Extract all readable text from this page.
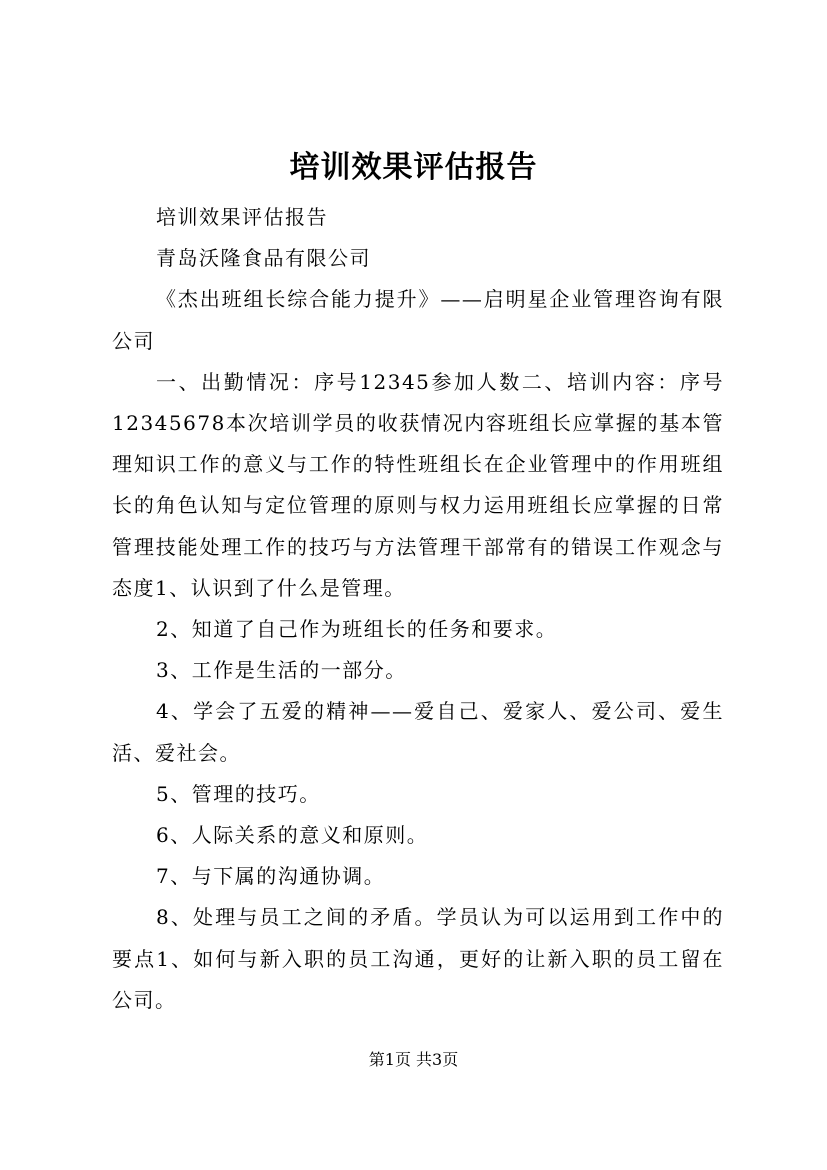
培训效果评估报告

培训效果评估报告

青岛沃隆食品有限公司

《杰出班组长综合能力提升》——启明星企业管理咨询有限公司

一、出勤情况：序号12345参加人数二、培训内容：序号12345678本次培训学员的收获情况内容班组长应掌握的基本管理知识工作的意义与工作的特性班组长在企业管理中的作用班组长的角色认知与定位管理的原则与权力运用班组长应掌握的日常管理技能处理工作的技巧与方法管理干部常有的错误工作观念与态度1、认识到了什么是管理。

2、知道了自己作为班组长的任务和要求。

3、工作是生活的一部分。

4、学会了五爱的精神——爱自己、爱家人、爱公司、爱生活、爱社会。

5、管理的技巧。

6、人际关系的意义和原则。

7、与下属的沟通协调。

8、处理与员工之间的矛盾。学员认为可以运用到工作中的要点1、如何与新入职的员工沟通，更好的让新入职的员工留在公司。

第1页 共3页
